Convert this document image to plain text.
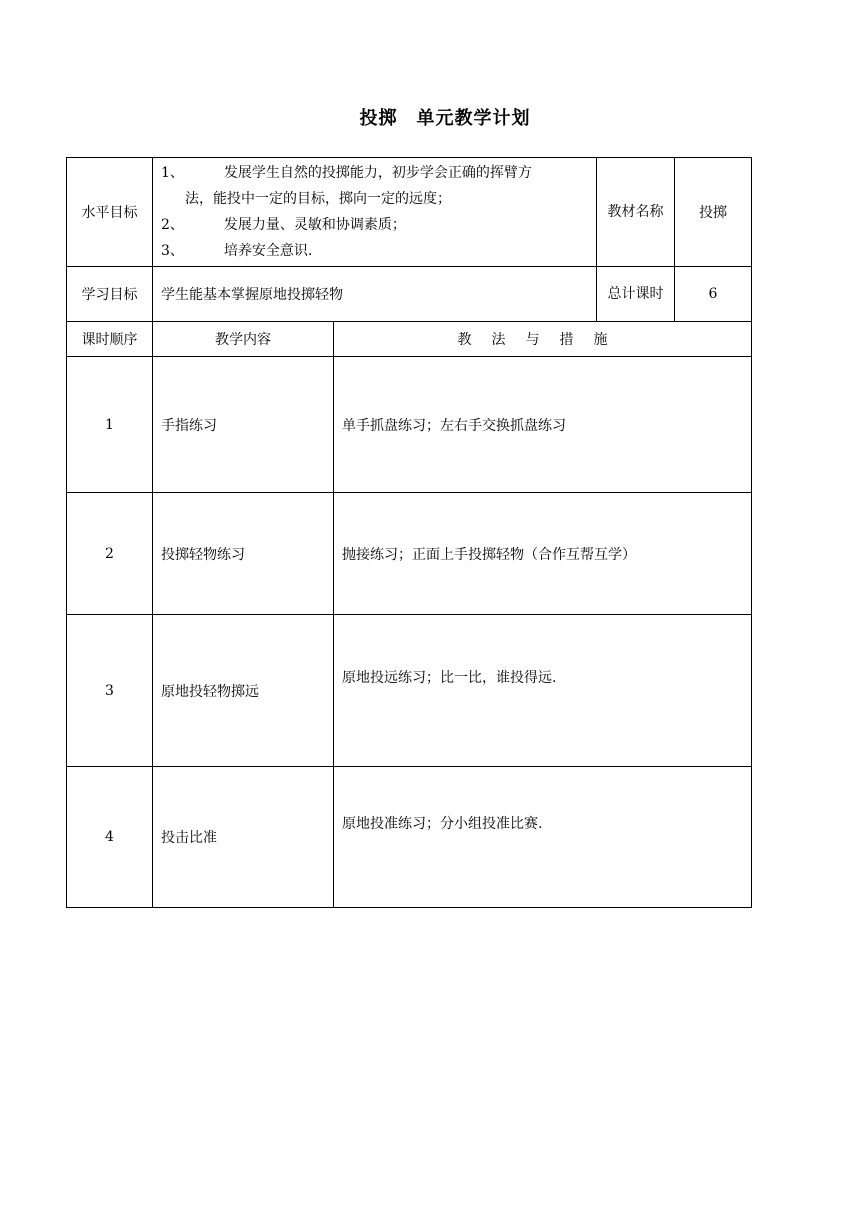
投掷　单元教学计划
水平目标	1、 发展学生自然的投掷能力，初步学会正确的挥臂方
法，能投中一定的目标，掷向一定的远度；
2、 发展力量、灵敏和协调素质；
3、 培养安全意识.		教材名称	投掷
学习目标	学生能基本掌握原地投掷轻物		总计课时	6
课时顺序	教学内容	教法与措施		
1	手指练习	单手抓盘练习；左右手交换抓盘练习		
2	投掷轻物练习	抛接练习；正面上手投掷轻物（合作互帮互学）		
3	原地投轻物掷远	原地投远练习；比一比，谁投得远.		
4	投击比准	原地投准练习；分小组投准比赛.		
